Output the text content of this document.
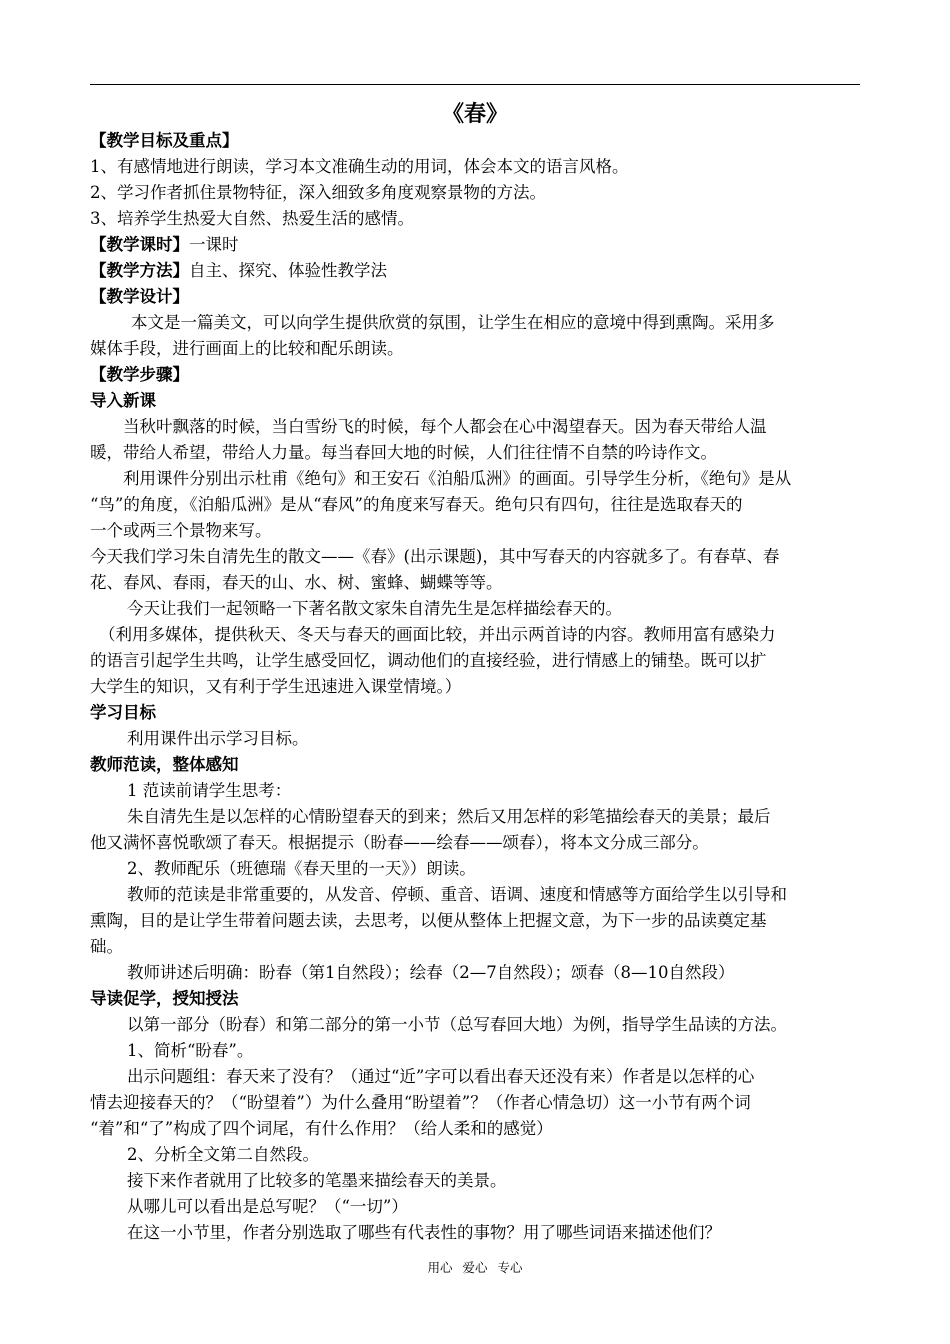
《春》

【教学目标及重点】

1、有感情地进行朗读，学习本文准确生动的用词，体会本文的语言风格。

2、学习作者抓住景物特征，深入细致多角度观察景物的方法。

3、培养学生热爱大自然、热爱生活的感情。

【教学课时】一课时

【教学方法】自主、探究、体验性教学法

【教学设计】

本文是一篇美文，可以向学生提供欣赏的氛围，让学生在相应的意境中得到熏陶。采用多

媒体手段，进行画面上的比较和配乐朗读。

【教学步骤】

导入新课

当秋叶飘落的时候，当白雪纷飞的时候，每个人都会在心中渴望春天。因为春天带给人温

暖，带给人希望，带给人力量。每当春回大地的时候，人们往往情不自禁的吟诗作文。

利用课件分别出示杜甫《绝句》和王安石《泊船瓜洲》的画面。引导学生分析，《绝句》是从

“鸟”的角度，《泊船瓜洲》是从“春风”的角度来写春天。绝句只有四句，往往是选取春天的

一个或两三个景物来写。

今天我们学习朱自清先生的散文——《春》(出示课题)，其中写春天的内容就多了。有春草、春

花、春风、春雨，春天的山、水、树、蜜蜂、蝴蝶等等。

今天让我们一起领略一下著名散文家朱自清先生是怎样描绘春天的。

（利用多媒体，提供秋天、冬天与春天的画面比较，并出示两首诗的内容。教师用富有感染力

的语言引起学生共鸣，让学生感受回忆，调动他们的直接经验，进行情感上的铺垫。既可以扩

大学生的知识，又有利于学生迅速进入课堂情境。）

学习目标

利用课件出示学习目标。

教师范读，整体感知

1 范读前请学生思考：

朱自清先生是以怎样的心情盼望春天的到来；然后又用怎样的彩笔描绘春天的美景；最后

他又满怀喜悦歌颂了春天。根据提示（盼春——绘春——颂春），将本文分成三部分。

2、教师配乐（班德瑞《春天里的一天》）朗读。

教师的范读是非常重要的，从发音、停顿、重音、语调、速度和情感等方面给学生以引导和

熏陶，目的是让学生带着问题去读，去思考，以便从整体上把握文意，为下一步的品读奠定基

础。

教师讲述后明确：盼春（第1自然段）；绘春（2—7自然段）；颂春（8—10自然段）

导读促学，授知授法

以第一部分（盼春）和第二部分的第一小节（总写春回大地）为例，指导学生品读的方法。

1、简析“盼春”。

出示问题组：春天来了没有？（通过“近”字可以看出春天还没有来）作者是以怎样的心

情去迎接春天的？（“盼望着”）为什么叠用“盼望着”？（作者心情急切）这一小节有两个词

“着”和“了”构成了四个词尾，有什么作用？（给人柔和的感觉）

2、分析全文第二自然段。

接下来作者就用了比较多的笔墨来描绘春天的美景。

从哪儿可以看出是总写呢？（“一切”）

在这一小节里，作者分别选取了哪些有代表性的事物？用了哪些词语来描述他们？

用心 爱心 专心
